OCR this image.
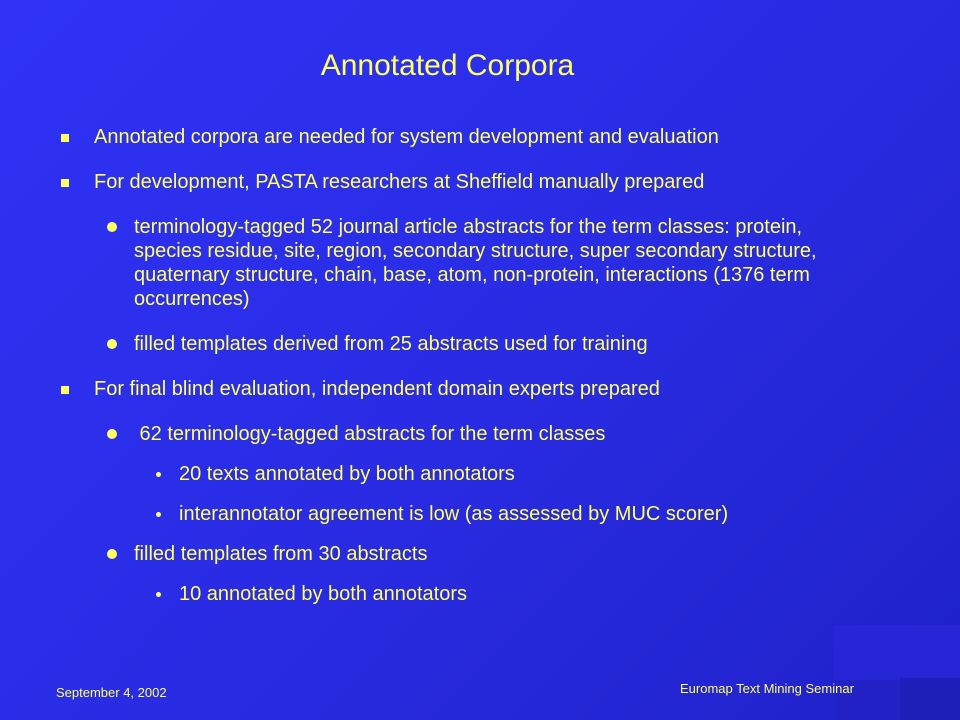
Annotated Corpora
Annotated corpora are needed for system development and evaluation
For development, PASTA researchers at Sheffield manually prepared
terminology-tagged 52 journal article abstracts for the term classes: protein, species residue, site, region, secondary structure, super secondary structure, quaternary structure, chain, base, atom, non-protein, interactions (1376 term occurrences)
filled templates derived from 25 abstracts used for training
For final blind evaluation, independent domain experts prepared
62 terminology-tagged abstracts for the term classes
20 texts annotated by both annotators
interannotator agreement is low (as assessed by MUC scorer)
filled templates from 30 abstracts
10 annotated by both annotators
September 4, 2002	Euromap Text Mining Seminar
